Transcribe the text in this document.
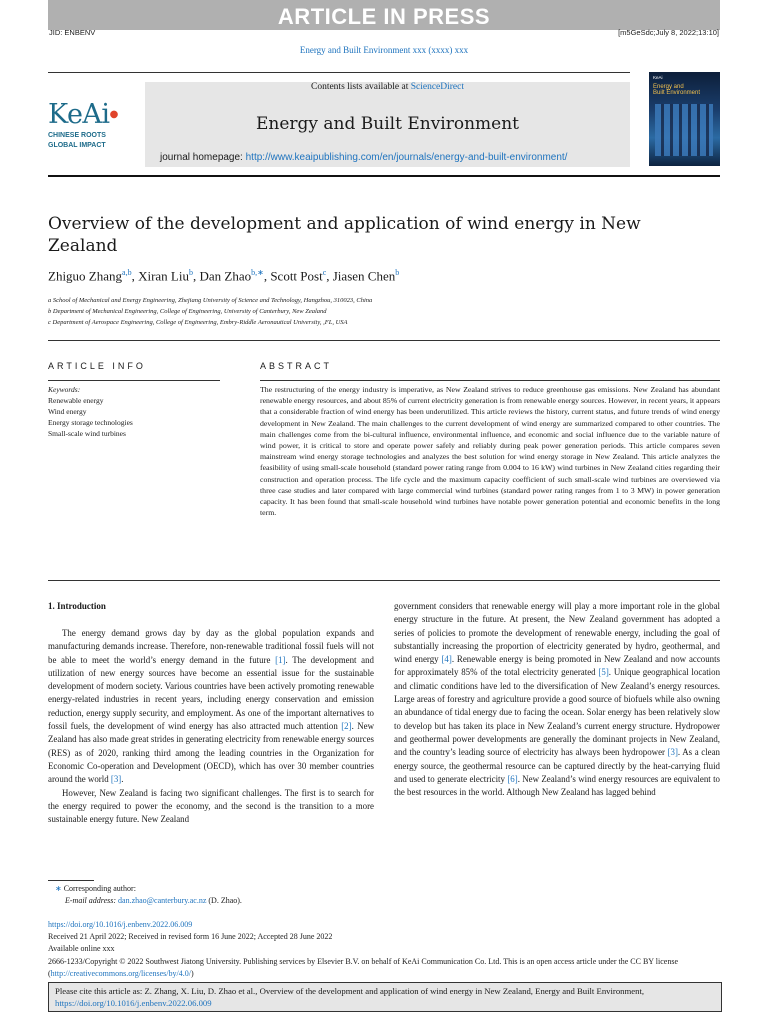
ARTICLE IN PRESS
JID: ENBENV	[m5GeSdc;July 8, 2022;13:10]
Energy and Built Environment xxx (xxxx) xxx
KeAi●
CHINESE ROOTS
GLOBAL IMPACT
Contents lists available at ScienceDirect
Energy and Built Environment
journal homepage: http://www.keaipublishing.com/en/journals/energy-and-built-environment/
KeAi
Energy and
Built Environment
Overview of the development and application of wind energy in New Zealand
Zhiguo Zhang$^{a,b}$, Xiran Liu$^b$, Dan Zhao$^{b,∗}$, Scott Post$^c$, Jiasen Chen$^b$
a School of Mechanical and Energy Engineering, Zhejiang University of Science and Technology, Hangzhou, 310023, China
b Department of Mechanical Engineering, College of Engineering, University of Canterbury, New Zealand
c Department of Aerospace Engineering, College of Engineering, Embry-Riddle Aeronautical University, ,FL, USA
ARTICLE INFO	ABSTRACT
Keywords:
Renewable energy
Wind energy
Energy storage technologies
Small-scale wind turbines
The restructuring of the energy industry is imperative, as New Zealand strives to reduce greenhouse gas emissions. New Zealand has abundant renewable energy resources, and about 85% of current electricity generation is from renewable energy sources. However, in recent years, it appears that a considerable fraction of wind energy has been underutilized. This article reviews the history, current status, and future trends of wind energy development in New Zealand. The main challenges to the current development of wind energy are summarized compared to other countries. The main challenges come from the bi-cultural influence, environmental influence, and economic and social influence due to the variable nature of wind power, it is critical to store and operate power safely and reliably during peak power generation periods. This article compares seven mainstream wind energy storage technologies and analyzes the best solution for wind energy storage in New Zealand. This article analyzes the feasibility of using small-scale household (standard power rating range from 0.004 to 16 kW) wind turbines in New Zealand cities regarding their construction and operation process. The life cycle and the maximum capacity coefficient of such small-scale wind turbines are overviewed via three case studies and later compared with large commercial wind turbines (standard power rating ranges from 1 to 3 MW) in power generation capacity. It has been found that small-scale household wind turbines have notable power generation potential and economic benefits in the long term.
1. Introduction

The energy demand grows day by day as the global population expands and manufacturing demands increase. Therefore, non-renewable traditional fossil fuels will not be able to meet the world’s energy demand in the future [1]. The development and utilization of new energy sources have become an essential issue for the sustainable development of modern society. Various countries have been actively promoting renewable energy-related industries in recent years, including energy conservation and emission reduction, energy supply security, and employment. As one of the important alternatives to fossil fuels, the development of wind energy has also attracted much attention [2]. New Zealand has also made great strides in generating electricity from renewable energy sources (RES) as of 2020, ranking third among the leading countries in the Organization for Economic Co-operation and Development (OECD), which has over 30 member countries around the world [3].

However, New Zealand is facing two significant challenges. The first is to search for the energy required to power the economy, and the second is the transition to a more sustainable energy future. New Zealand

government considers that renewable energy will play a more important role in the global energy structure in the future. At present, the New Zealand government has adopted a series of policies to promote the development of renewable energy, including the goal of substantially increasing the proportion of electricity generated by hydro, geothermal, and wind energy [4]. Renewable energy is being promoted in New Zealand and now accounts for approximately 85% of the total electricity generated [5]. Unique geographical location and climatic conditions have led to the diversification of New Zealand’s energy resources. Large areas of forestry and agriculture provide a good source of biofuels while also owning an abundance of tidal energy due to facing the ocean. Solar energy has been relatively slow to develop but has taken its place in New Zealand’s current energy structure. Hydropower and geothermal power developments are generally the dominant projects in New Zealand, and the country’s leading source of electricity has always been hydropower [3]. As a clean energy source, the geothermal resource can be captured directly by the heat-carrying fluid and used to generate electricity [6]. New Zealand’s wind energy resources are equivalent to the best resources in the world. Although New Zealand has lagged behind

∗ Corresponding author:
E-mail address: dan.zhao@canterbury.ac.nz (D. Zhao).
https://doi.org/10.1016/j.enbenv.2022.06.009
Received 21 April 2022; Received in revised form 16 June 2022; Accepted 28 June 2022
Available online xxx
2666-1233/Copyright © 2022 Southwest Jiatong University. Publishing services by Elsevier B.V. on behalf of KeAi Communication Co. Ltd. This is an open access article under the CC BY license (http://creativecommons.org/licenses/by/4.0/)
Please cite this article as: Z. Zhang, X. Liu, D. Zhao et al., Overview of the development and application of wind energy in New Zealand, Energy and Built Environment, https://doi.org/10.1016/j.enbenv.2022.06.009
